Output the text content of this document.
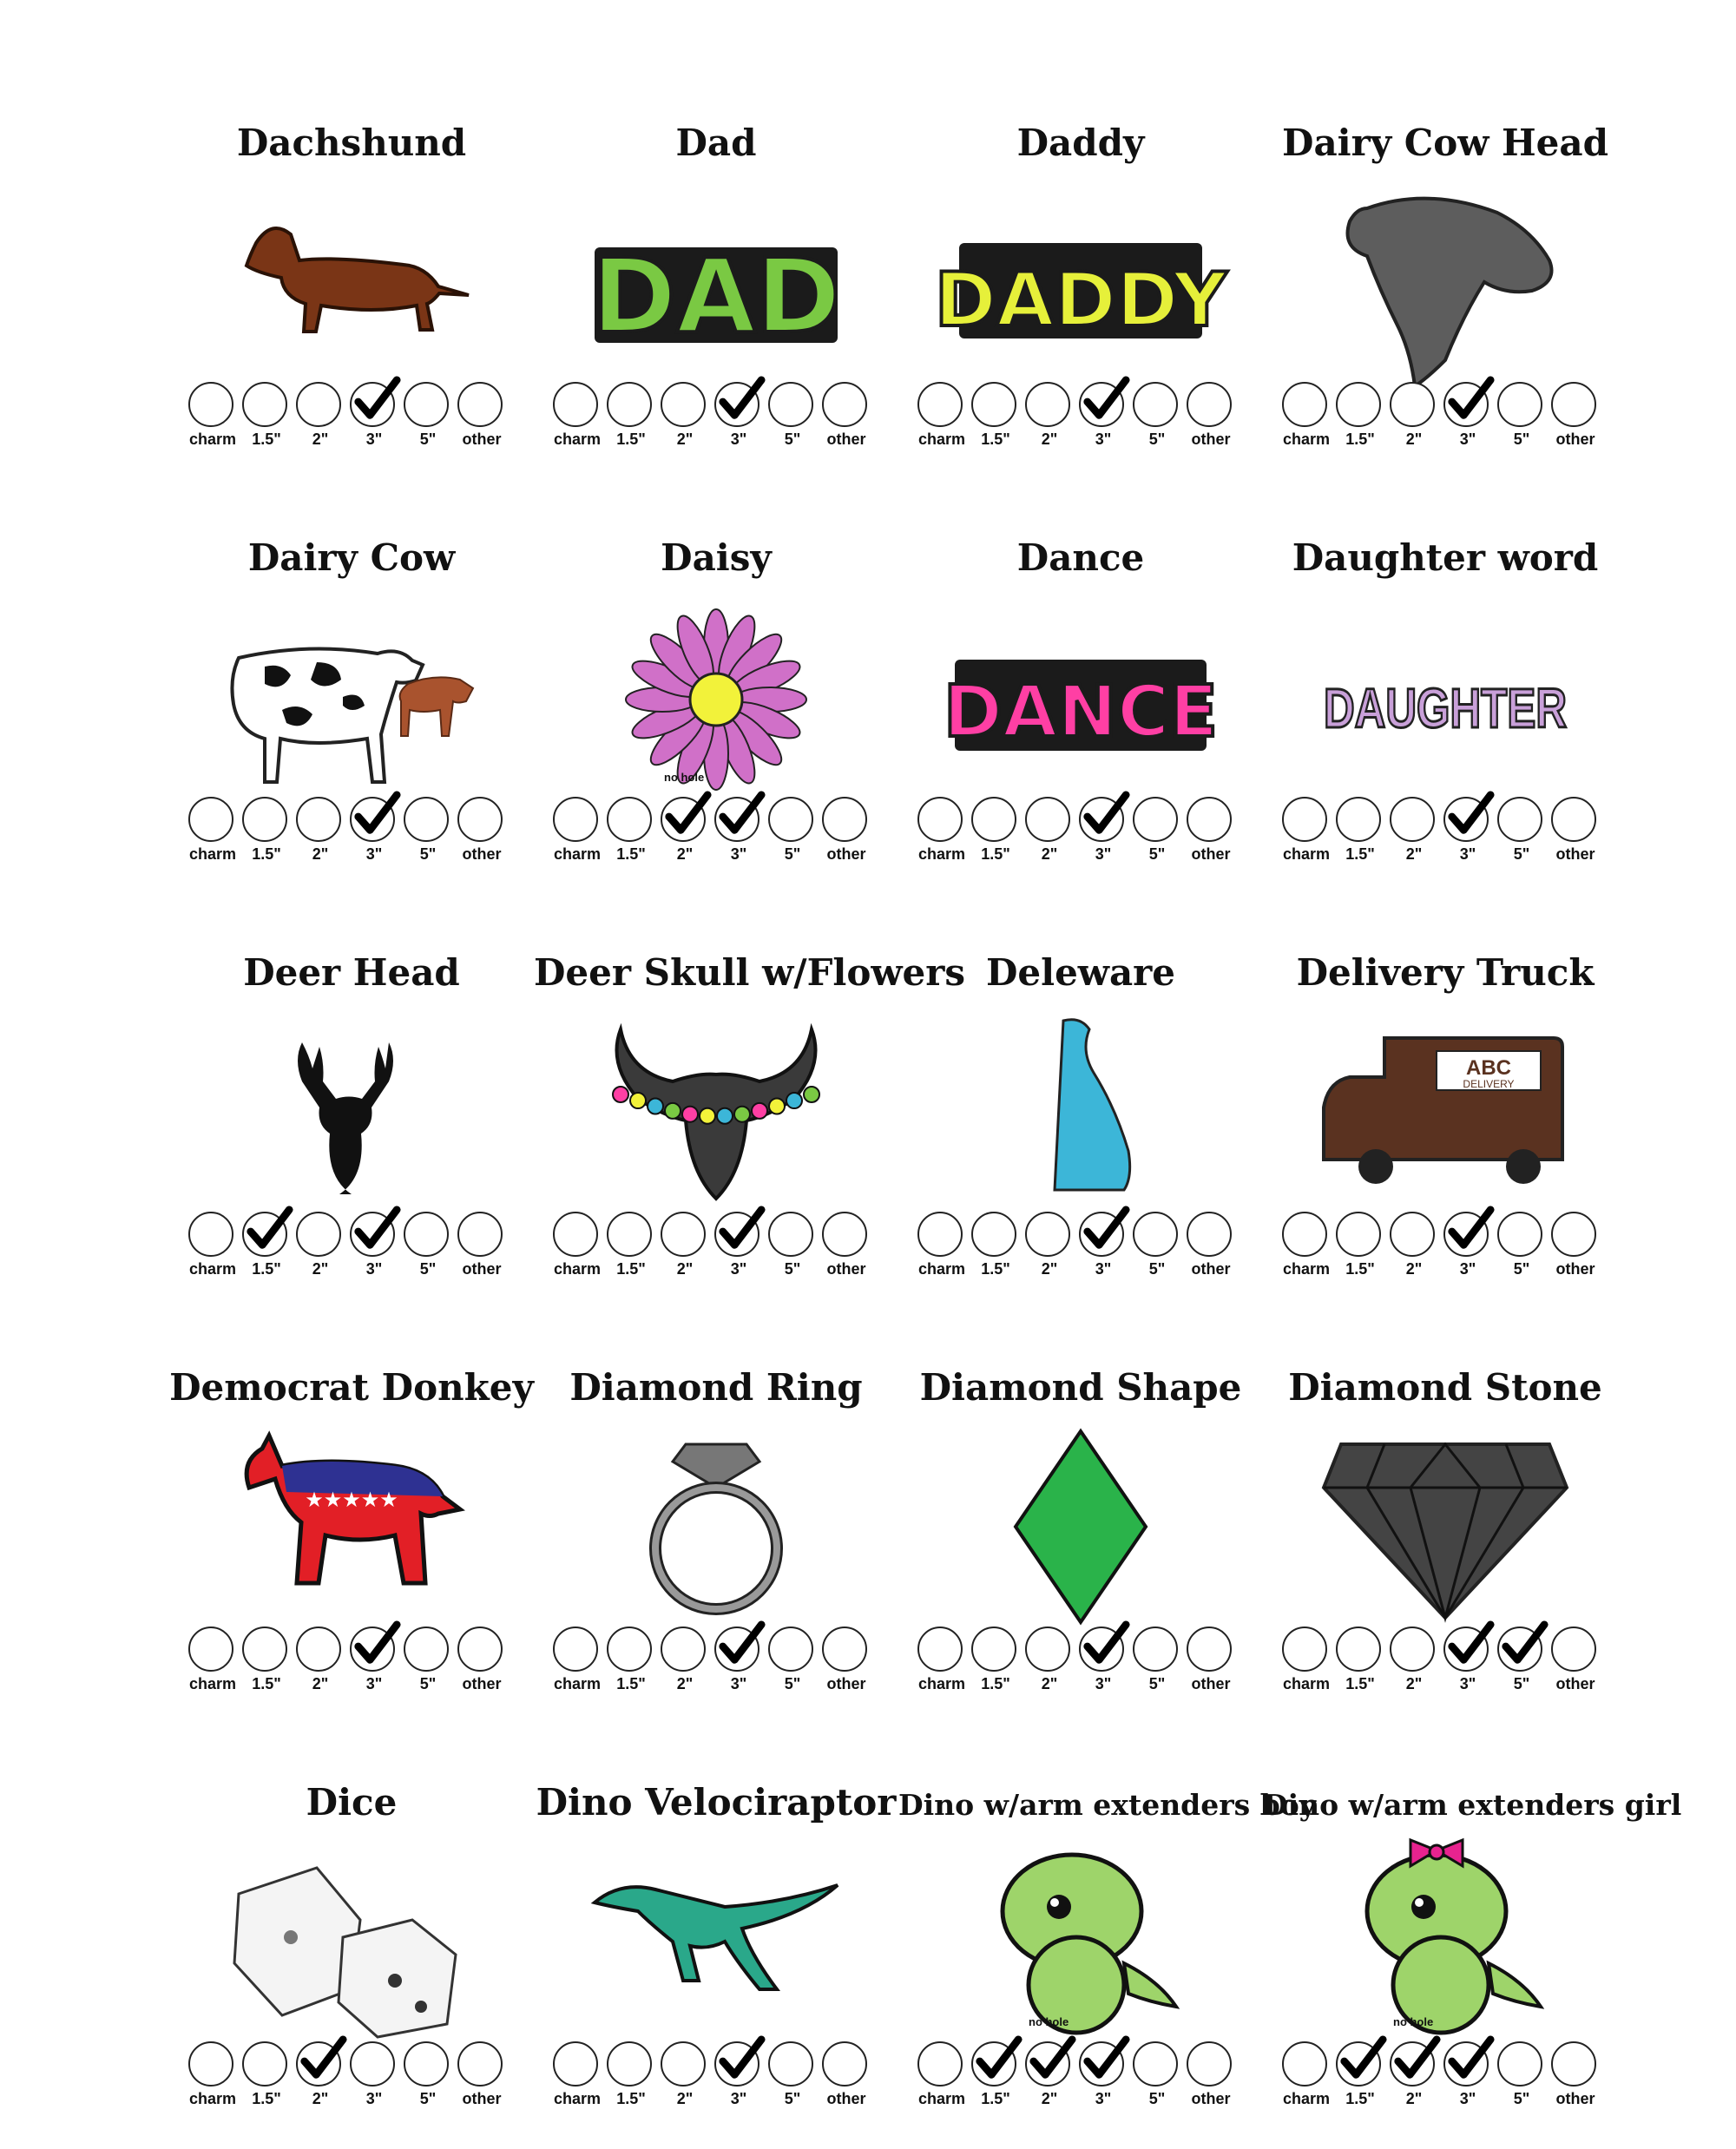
Dachshund
charm	1.5"	2"	3"	5"	other
Dad
DAD
charm	1.5"	2"	3"	5"	other
Daddy
DADDY
charm	1.5"	2"	3"	5"	other
Dairy Cow Head
charm	1.5"	2"	3"	5"	other
Dairy Cow
charm	1.5"	2"	3"	5"	other
Daisy
charm	1.5"	2"	3"	5"	other
no hole
Dance
DANCE
charm	1.5"	2"	3"	5"	other
Daughter word
DAUGHTER
charm	1.5"	2"	3"	5"	other
Deer Head
charm	1.5"	2"	3"	5"	other
Deer Skull w/Flowers
charm	1.5"	2"	3"	5"	other
Deleware
charm	1.5"	2"	3"	5"	other
Delivery Truck
ABC
DELIVERY
charm	1.5"	2"	3"	5"	other
Democrat Donkey
★★★★★
charm	1.5"	2"	3"	5"	other
Diamond Ring
charm	1.5"	2"	3"	5"	other
Diamond Shape
charm	1.5"	2"	3"	5"	other
Diamond Stone
charm	1.5"	2"	3"	5"	other
Dice
charm	1.5"	2"	3"	5"	other
Dino Velociraptor
charm	1.5"	2"	3"	5"	other
Dino w/arm extenders boy
charm	1.5"	2"	3"	5"	other
no hole
Dino w/arm extenders girl
charm	1.5"	2"	3"	5"	other
no hole
